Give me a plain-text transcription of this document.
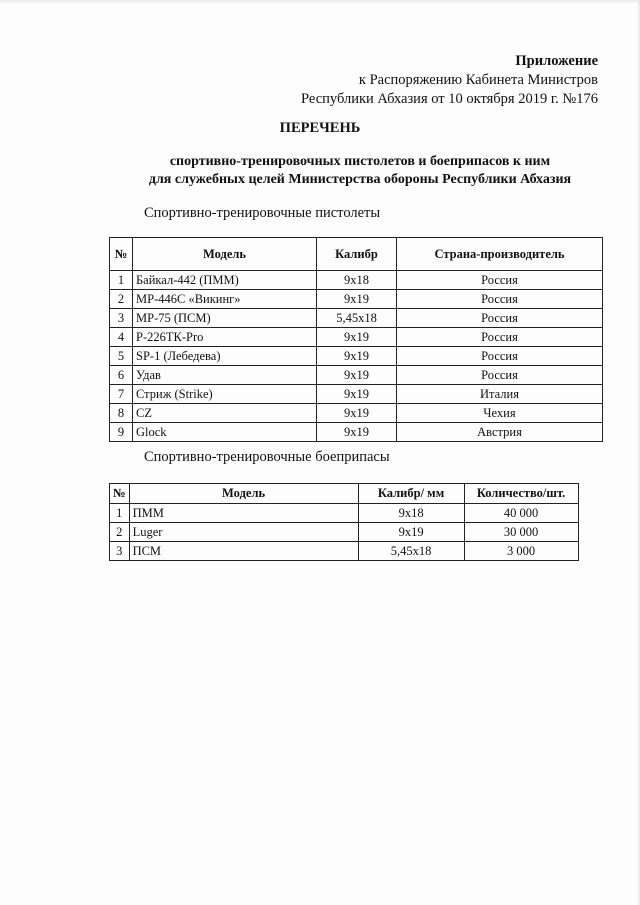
Приложение
к Распоряжению Кабинета Министров
Республики Абхазия от 10 октября 2019 г. №176
ПЕРЕЧЕНЬ
спортивно-тренировочных пистолетов и боеприпасов к ним
для служебных целей Министерства обороны Республики Абхазия
Спортивно-тренировочные пистолеты
№	Модель	Калибр	Страна-производитель
1	Байкал-442 (ПММ)	9х18	Россия
2	МР-446С «Викинг»	9х19	Россия
3	МР-75 (ПСМ)	5,45х18	Россия
4	Р-226ТК-Pro	9х19	Россия
5	SP-1 (Лебедева)	9х19	Россия
6	Удав	9х19	Россия
7	Стриж (Strike)	9х19	Италия
8	CZ	9х19	Чехия
9	Glock	9х19	Австрия
Спортивно-тренировочные боеприпасы
№	Модель	Калибр/ мм	Количество/шт.
1	ПММ	9х18	40 000
2	Luger	9х19	30 000
3	ПСМ	5,45х18	3 000
